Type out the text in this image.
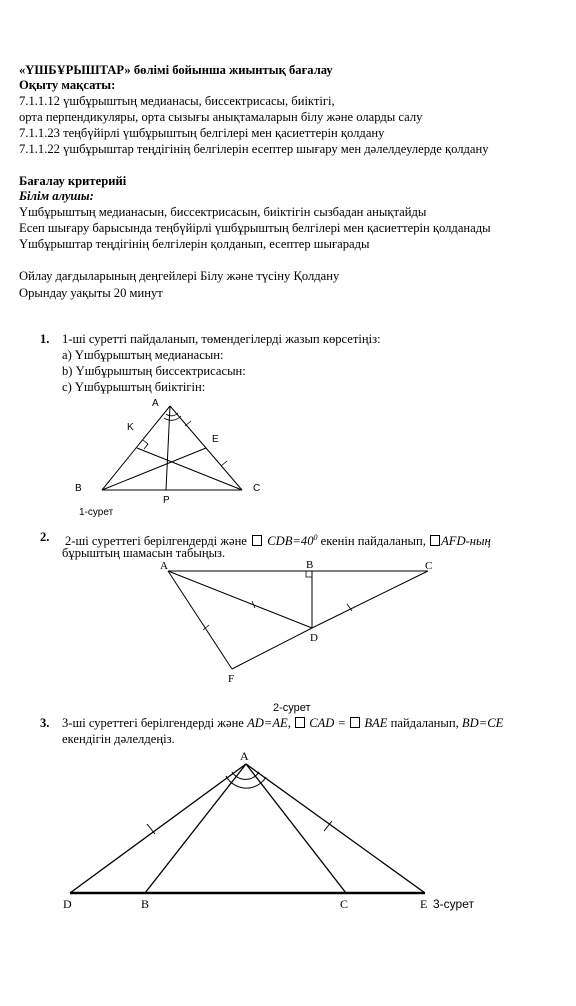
«ҮШБҰРЫШТАР» бөлімі бойынша жиынтық бағалау
Оқыту мақсаты:
7.1.1.12 үшбұрыштың медианасы, биссектрисасы, биіктігі,
орта перпендикуляры, орта сызығы анықтамаларын білу және оларды салу
7.1.1.23 теңбүйірлі үшбұрыштың белгілері мен қасиеттерін қолдану
7.1.1.22 үшбұрыштар теңдігінің белгілерін есептер шығару мен дәлелдеулерде қолдану
Бағалау критерийі
Білім алушы:
Үшбұрыштың медианасын, биссектрисасын, биіктігін сызбадан анықтайды
Есеп шығару барысында теңбүйірлі үшбұрыштың белгілері мен қасиеттерін қолданады
Үшбұрыштар теңдігінің белгілерін қолданып, есептер шығарады
Ойлау дағдыларының деңгейлері Білу және түсіну Қолдану
Орындау уақыты 20 минут
1. 1-ші суретті пайдаланып, төмендегілерді жазып көрсетіңіз:
a) Үшбұрыштың медианасын:
b) Үшбұрыштың биссектрисасын:
c) Үшбұрыштың биіктігін:
A
K
E
B	C
P
1-сурет
2. 2-ші суреттегі берілгендерді және $CDB=40^0$ екенін пайдаланып, AFD-ның
бұрыштың шамасын табыңыз.
A	B	C
D
F
2-сурет
3. 3-ші суреттегі берілгендерді және AD=AE, CAD = BAE пайдаланып, BD=CE
екендігін дәлелдеңіз.
A
D	B	C	E 3-сурет
